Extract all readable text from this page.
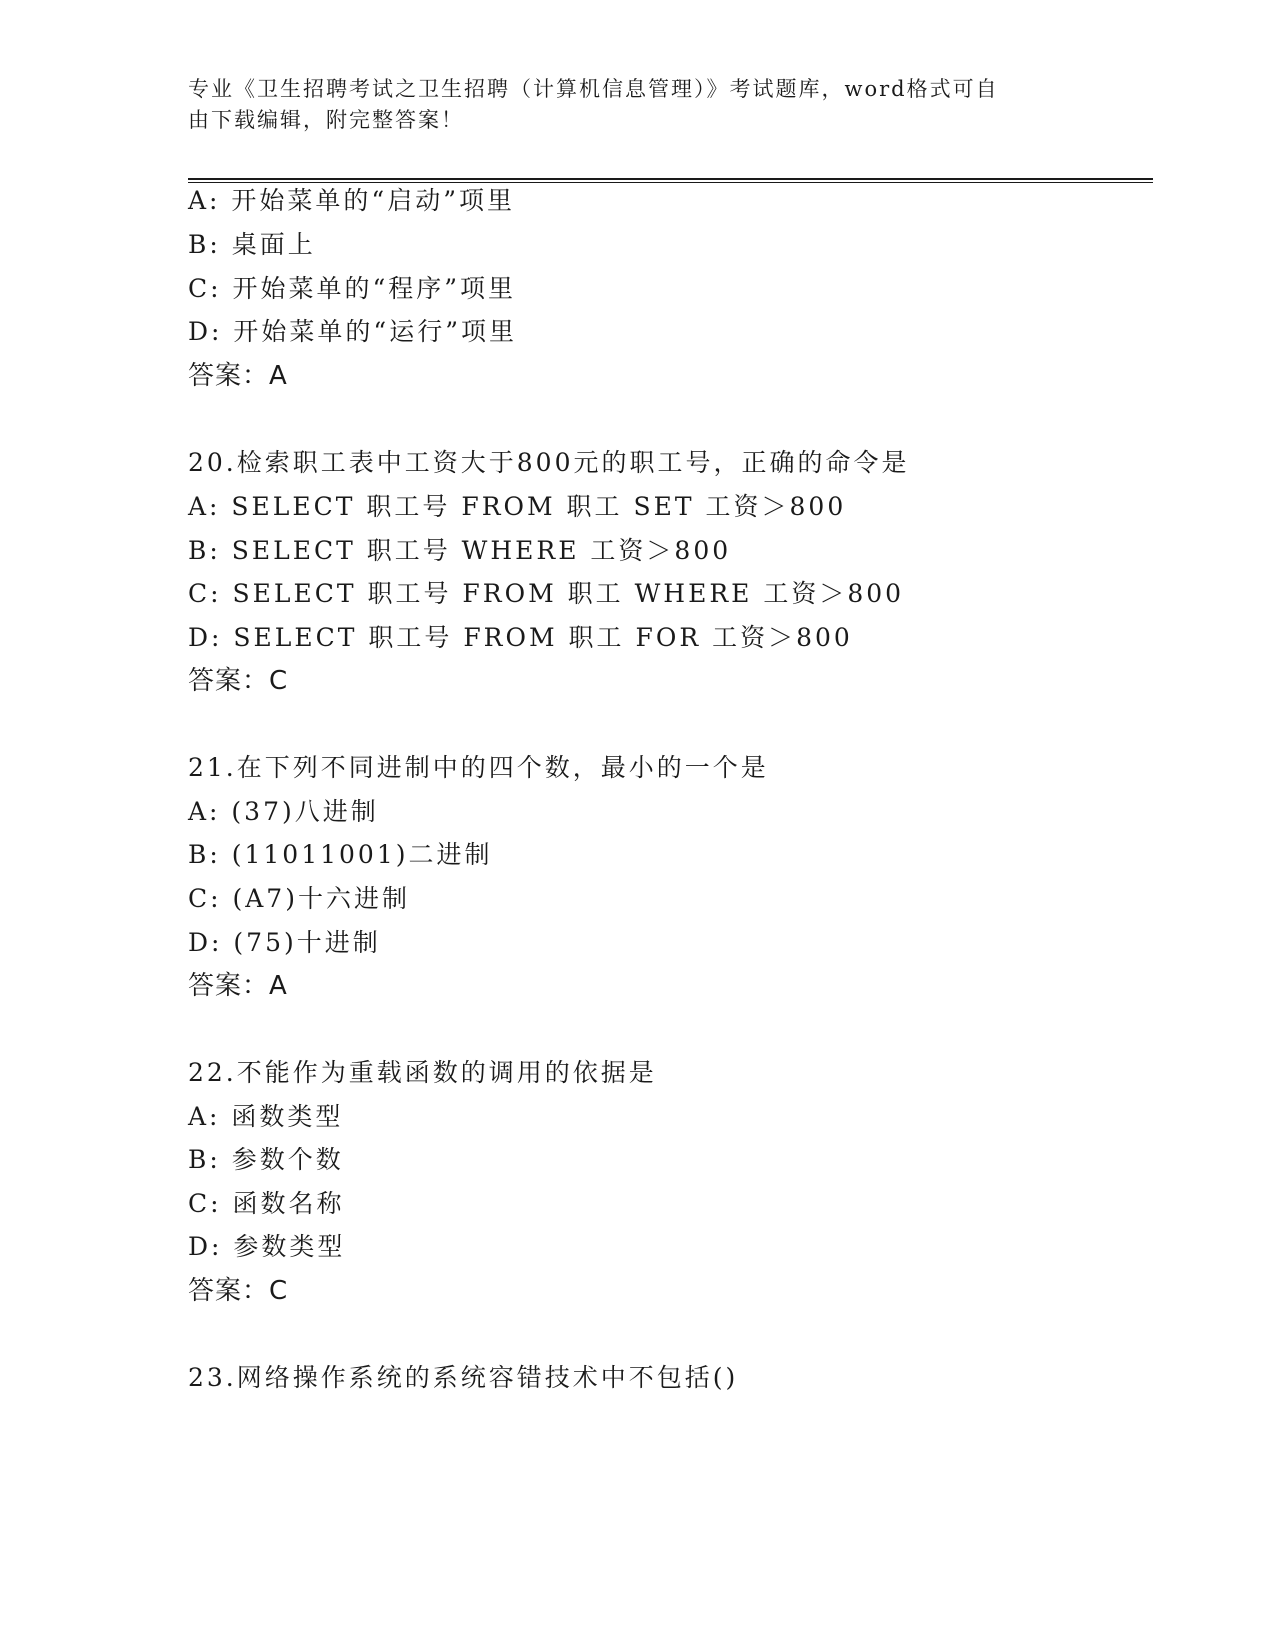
专业《卫生招聘考试之卫生招聘（计算机信息管理）》考试题库，word格式可自
由下载编辑，附完整答案！
A: 开始菜单的“启动”项里
B: 桌面上
C: 开始菜单的“程序”项里
D: 开始菜单的“运行”项里
答案：A
20.检索职工表中工资大于800元的职工号，正确的命令是
A: SELECT 职工号 FROM 职工 SET 工资＞800
B: SELECT 职工号 WHERE 工资＞800
C: SELECT 职工号 FROM 职工 WHERE 工资＞800
D: SELECT 职工号 FROM 职工 FOR 工资＞800
答案：C
21.在下列不同进制中的四个数，最小的一个是
A: (37)八进制
B: (11011001)二进制
C: (A7)十六进制
D: (75)十进制
答案：A
22.不能作为重载函数的调用的依据是
A: 函数类型
B: 参数个数
C: 函数名称
D: 参数类型
答案：C
23.网络操作系统的系统容错技术中不包括()
